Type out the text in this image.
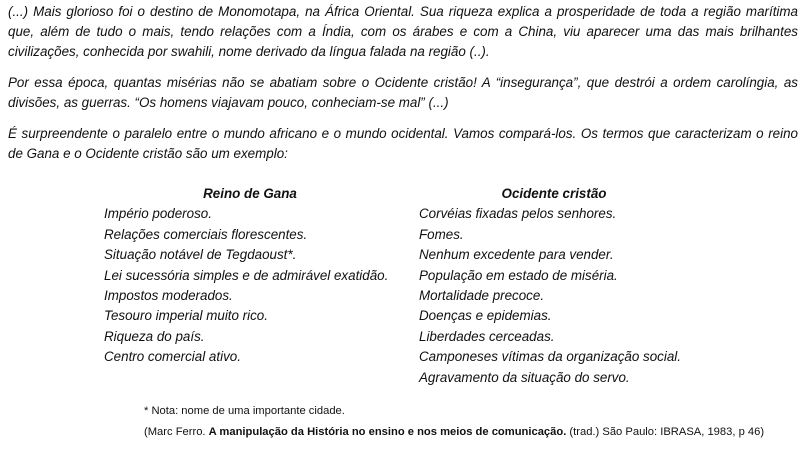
(...) Mais glorioso foi o destino de Monomotapa, na África Oriental. Sua riqueza explica a prosperidade de toda a região marítima que, além de tudo o mais, tendo relações com a Índia, com os árabes e com a China, viu aparecer uma das mais brilhantes civilizações, conhecida por swahili, nome derivado da língua falada na região (..).

Por essa época, quantas misérias não se abatiam sobre o Ocidente cristão! A “insegurança”, que destrói a ordem carolíngia, as divisões, as guerras. “Os homens viajavam pouco, conheciam-se mal” (...)

É surpreendente o paralelo entre o mundo africano e o mundo ocidental. Vamos compará-los. Os termos que caracterizam o reino de Gana e o Ocidente cristão são um exemplo:

Reino de Gana
Império poderoso.
Relações comerciais florescentes.
Situação notável de Tegdaoust*.
Lei sucessória simples e de admirável exatidão.
Impostos moderados.
Tesouro imperial muito rico.
Riqueza do país.
Centro comercial ativo.
Ocidente cristão
Corvéias fixadas pelos senhores.
Fomes.
Nenhum excedente para vender.
População em estado de miséria.
Mortalidade precoce.
Doenças e epidemias.
Liberdades cerceadas.
Camponeses vítimas da organização social.
Agravamento da situação do servo.
* Nota: nome de uma importante cidade.
(Marc Ferro. A manipulação da História no ensino e nos meios de comunicação. (trad.) São Paulo: IBRASA, 1983, p 46)
